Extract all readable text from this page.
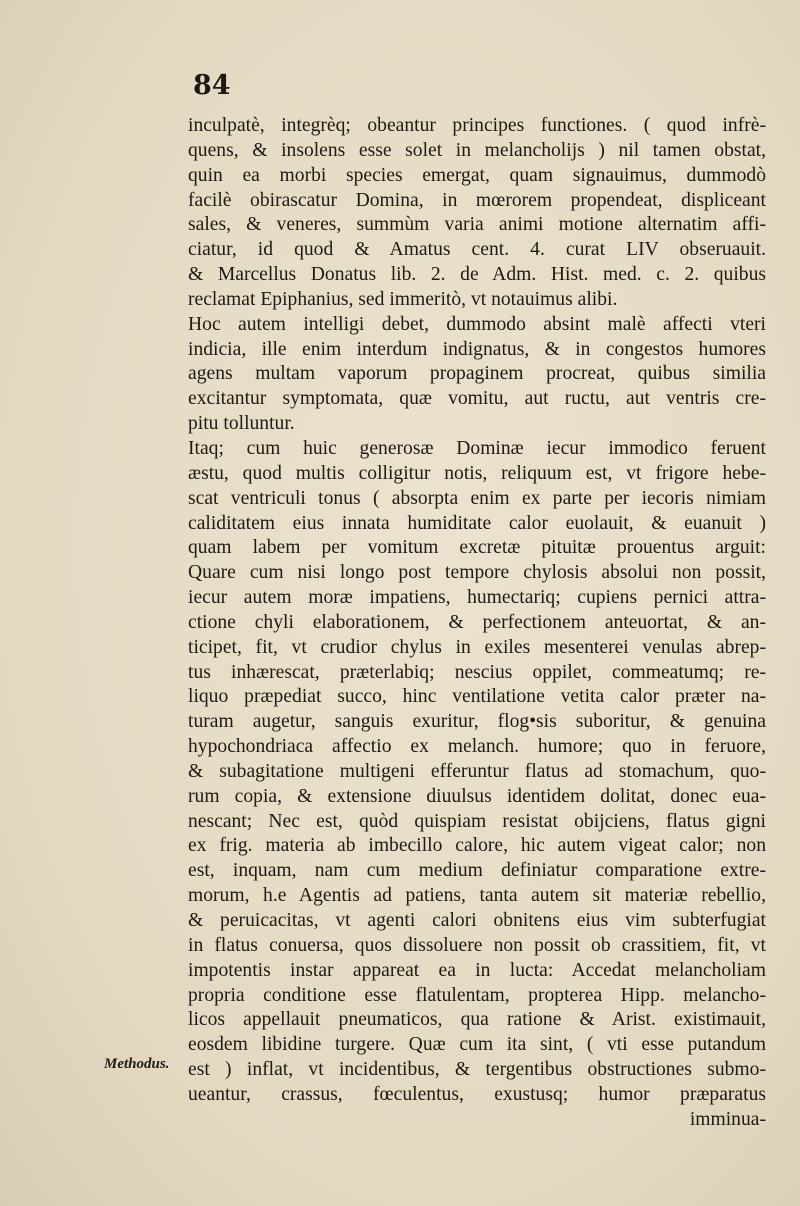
84
inculpatè, integrèq; obeantur principes functiones. ( quod infrè-
quens, & insolens esse solet in melancholijs ) nil tamen obstat,
quin ea morbi species emergat, quam signauimus, dummodò
facilè obirascatur Domina, in mœrorem propendeat, displiceant
sales, & veneres, summùm varia animi motione alternatim affi-
ciatur, id quod & Amatus cent. 4. curat LIV obseruauit.
& Marcellus Donatus lib. 2. de Adm. Hist. med. c. 2. quibus
reclamat Epiphanius, sed immeritò, vt notauimus alibi.
Hoc autem intelligi debet, dummodo absint malè affecti vteri
indicia, ille enim interdum indignatus, & in congestos humores
agens multam vaporum propaginem procreat, quibus similia
excitantur symptomata, quæ vomitu, aut ructu, aut ventris cre-
pitu tolluntur.
Itaq; cum huic generosæ Dominæ iecur immodico feruent
æstu, quod multis colligitur notis, reliquum est, vt frigore hebe-
scat ventriculi tonus ( absorpta enim ex parte per iecoris nimiam
caliditatem eius innata humiditate calor euolauit, & euanuit )
quam labem per vomitum excretæ pituitæ prouentus arguit:
Quare cum nisi longo post tempore chylosis absolui non possit,
iecur autem moræ impatiens, humectariq; cupiens pernici attra-
ctione chyli elaborationem, & perfectionem anteuortat, & an-
ticipet, fit, vt crudior chylus in exiles mesenterei venulas abrep-
tus inhærescat, præterlabiq; nescius oppilet, commeatumq; re-
liquo præpediat succo, hinc ventilatione vetita calor præter na-
turam augetur, sanguis exuritur, flog•sis suboritur, & genuina
hypochondriaca affectio ex melanch. humore; quo in feruore,
& subagitatione multigeni efferuntur flatus ad stomachum, quo-
rum copia, & extensione diuulsus identidem dolitat, donec eua-
nescant; Nec est, quòd quispiam resistat obijciens, flatus gigni
ex frig. materia ab imbecillo calore, hic autem vigeat calor; non
est, inquam, nam cum medium definiatur comparatione extre-
morum, h.e Agentis ad patiens, tanta autem sit materiæ rebellio,
& peruicacitas, vt agenti calori obnitens eius vim subterfugiat
in flatus conuersa, quos dissoluere non possit ob crassitiem, fit, vt
impotentis instar appareat ea in lucta: Accedat melancholiam
propria conditione esse flatulentam, propterea Hipp. melancho-
licos appellauit pneumaticos, qua ratione & Arist. existimauit,
eosdem libidine turgere. Quæ cum ita sint, ( vti esse putandum
est ) inflat, vt incidentibus, & tergentibus obstructiones submo-
ueantur, crassus, fœculentus, exustusq; humor præparatus
imminua-
Methodus.
